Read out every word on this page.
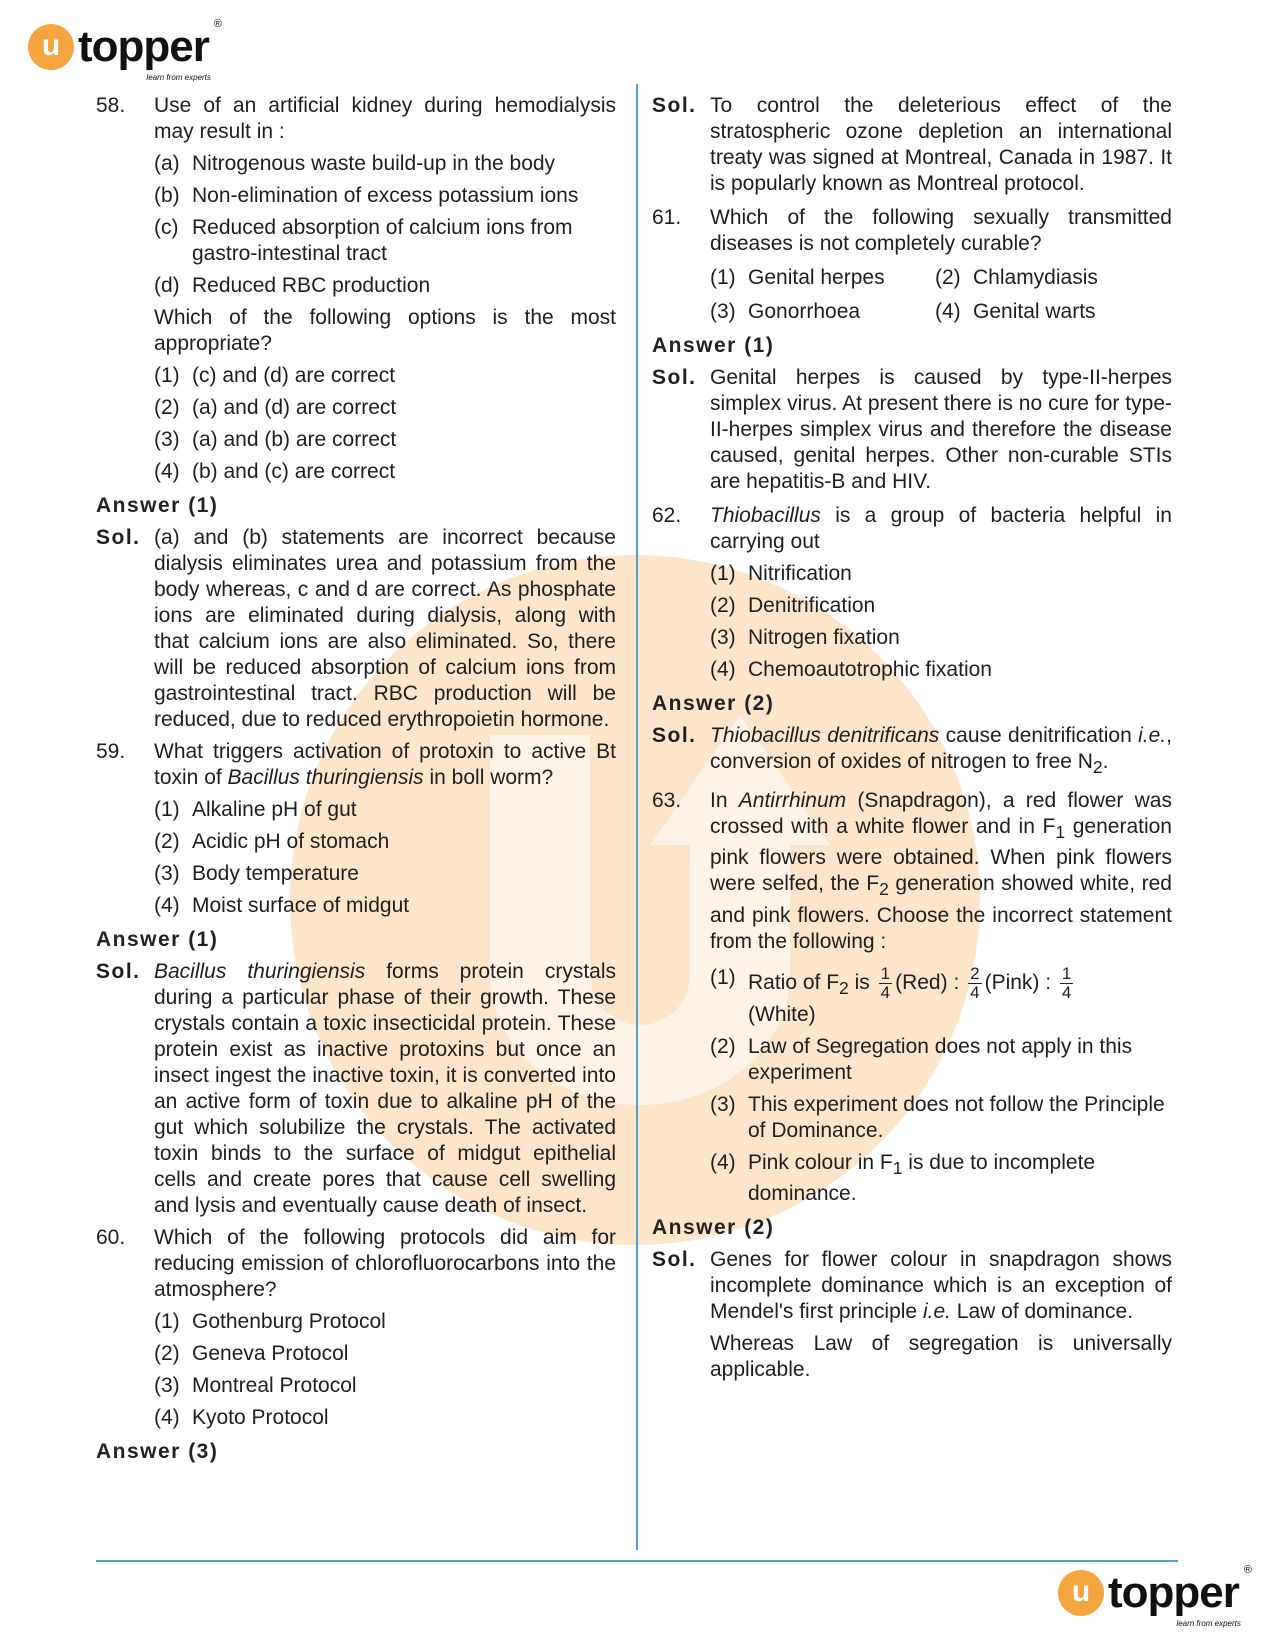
u topper ®
learn from experts
58.	Use of an artificial kidney during hemodialysis may result in :
(a) Nitrogenous waste build-up in the body
(b) Non-elimination of excess potassium ions
(c) Reduced absorption of calcium ions from gastro-intestinal tract
(d) Reduced RBC production
Which of the following options is the most appropriate?
(1) (c) and (d) are correct
(2) (a) and (d) are correct
(3) (a) and (b) are correct
(4) (b) and (c) are correct
Answer (1)
Sol. (a) and (b) statements are incorrect because dialysis eliminates urea and potassium from the body whereas, c and d are correct. As phosphate ions are eliminated during dialysis, along with that calcium ions are also eliminated. So, there will be reduced absorption of calcium ions from gastrointestinal tract. RBC production will be reduced, due to reduced erythropoietin hormone.
59.	What triggers activation of protoxin to active Bt toxin of Bacillus thuringiensis in boll worm?
(1) Alkaline pH of gut
(2) Acidic pH of stomach
(3) Body temperature
(4) Moist surface of midgut
Answer (1)
Sol. Bacillus thuringiensis forms protein crystals during a particular phase of their growth. These crystals contain a toxic insecticidal protein. These protein exist as inactive protoxins but once an insect ingest the inactive toxin, it is converted into an active form of toxin due to alkaline pH of the gut which solubilize the crystals. The activated toxin binds to the surface of midgut epithelial cells and create pores that cause cell swelling and lysis and eventually cause death of insect.
60.	Which of the following protocols did aim for reducing emission of chlorofluorocarbons into the atmosphere?
(1) Gothenburg Protocol
(2) Geneva Protocol
(3) Montreal Protocol
(4) Kyoto Protocol
Answer (3)
Sol. To control the deleterious effect of the stratospheric ozone depletion an international treaty was signed at Montreal, Canada in 1987. It is popularly known as Montreal protocol.
61.	Which of the following sexually transmitted diseases is not completely curable?
(1) Genital herpes	(2) Chlamydiasis
(3) Gonorrhoea	(4) Genital warts
Answer (1)
Sol. Genital herpes is caused by type-II-herpes simplex virus. At present there is no cure for type-II-herpes simplex virus and therefore the disease caused, genital herpes. Other non-curable STIs are hepatitis-B and HIV.
62.	Thiobacillus is a group of bacteria helpful in carrying out
(1) Nitrification
(2) Denitrification
(3) Nitrogen fixation
(4) Chemoautotrophic fixation
Answer (2)
Sol. Thiobacillus denitrificans cause denitrification i.e., conversion of oxides of nitrogen to free $N_2$.
63.	In Antirrhinum (Snapdragon), a red flower was crossed with a white flower and in $F_1$ generation pink flowers were obtained. When pink flowers were selfed, the $F_2$ generation showed white, red and pink flowers. Choose the incorrect statement from the following :
(1) Ratio of $F_2$ is $\frac{1}{4} (Red)$ : $\frac{2}{4}$ (Pink) : $\frac{1}{4}$

(White)
(2) Law of Segregation does not apply in this experiment
(3) This experiment does not follow the Principle of Dominance.
(4) Pink colour in $F_1$ is due to incomplete dominance.
Answer (2)
Sol. Genes for flower colour in snapdragon shows incomplete dominance which is an exception of Mendel's first principle i.e. Law of dominance.
Whereas Law of segregation is universally applicable.
u topper ®
learn from experts
